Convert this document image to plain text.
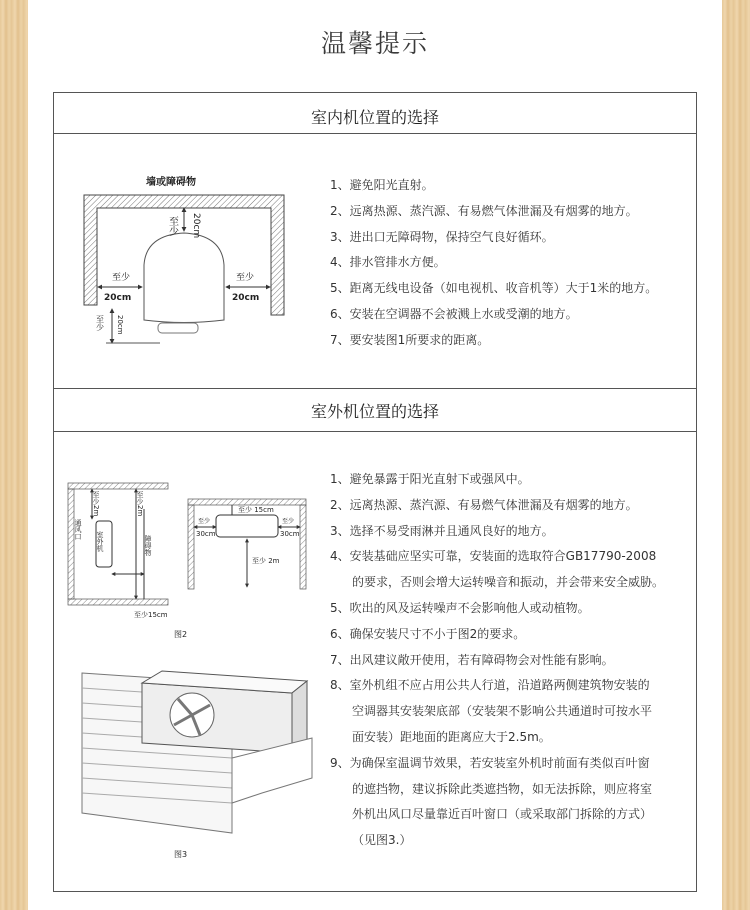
温馨提示
室内机位置的选择
墙或障碍物
至少 20cm
至少
20cm
至少
20cm
至少 20cm
1、避免阳光直射。
2、远离热源、蒸汽源、有易燃气体泄漏及有烟雾的地方。
3、进出口无障碍物，保持空气良好循环。
4、排水管排水方便。
5、距离无线电设备（如电视机、收音机等）大于1米的地方。
6、安装在空调器不会被溅上水或受潮的地方。
7、要安装图1所要求的距离。
室外机位置的选择
至少2m	至少2m
通风口
室外机	障碍物
至少15cm
图2
至少 15cm
至少
30cm
至少
30cm
至少 2m
图3
1、避免暴露于阳光直射下或强风中。
2、远离热源、蒸汽源、有易燃气体泄漏及有烟雾的地方。
3、选择不易受雨淋并且通风良好的地方。
4、安装基础应坚实可靠，安装面的选取符合GB17790-2008
的要求，否则会增大运转噪音和振动，并会带来安全威胁。
5、吹出的风及运转噪声不会影响他人或动植物。
6、确保安装尺寸不小于图2的要求。
7、出风建议敞开使用，若有障碍物会对性能有影响。
8、室外机组不应占用公共人行道，沿道路两侧建筑物安装的
空调器其安装架底部（安装架不影响公共通道时可按水平
面安装）距地面的距离应大于2.5m。
9、为确保室温调节效果，若安装室外机时前面有类似百叶窗
的遮挡物，建议拆除此类遮挡物，如无法拆除，则应将室
外机出风口尽量靠近百叶窗口（或采取部门拆除的方式）
（见图3.）
